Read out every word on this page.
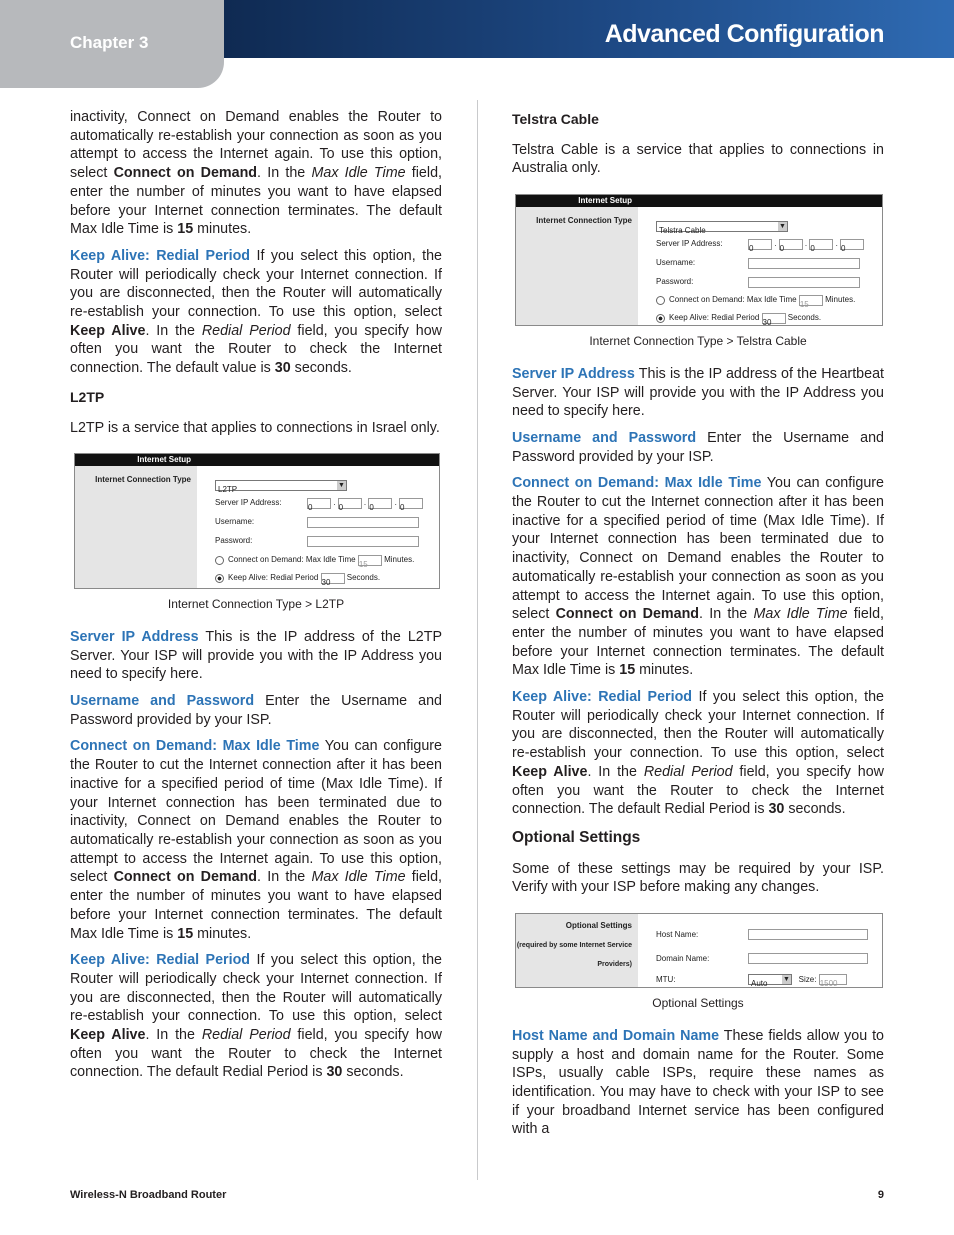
Chapter 3	Advanced Configuration

inactivity, Connect on Demand enables the Router to automatically re-establish your connection as soon as you attempt to access the Internet again. To use this option, select Connect on Demand. In the Max Idle Time field, enter the number of minutes you want to have elapsed before your Internet connection terminates. The default Max Idle Time is 15 minutes.

Keep Alive: Redial Period If you select this option, the Router will periodically check your Internet connection. If you are disconnected, then the Router will automatically re-establish your connection. To use this option, select Keep Alive. In the Redial Period field, you specify how often you want the Router to check the Internet connection. The default value is 30 seconds.

L2TP

L2TP is a service that applies to connections in Israel only.

Internet Setup
Internet Connection Type
L2TP	▼
Server IP Address:	0 . 0 . 0 . 0
Username:
Password:
Connect on Demand: Max Idle Time 15 Minutes.
Keep Alive: Redial Period 30 Seconds.
Internet Connection Type > L2TP

Server IP Address This is the IP address of the L2TP Server. Your ISP will provide you with the IP Address you need to specify here.

Username and Password Enter the Username and Password provided by your ISP.

Connect on Demand: Max Idle Time You can configure the Router to cut the Internet connection after it has been inactive for a specified period of time (Max Idle Time). If your Internet connection has been terminated due to inactivity, Connect on Demand enables the Router to automatically re-establish your connection as soon as you attempt to access the Internet again. To use this option, select Connect on Demand. In the Max Idle Time field, enter the number of minutes you want to have elapsed before your Internet connection terminates. The default Max Idle Time is 15 minutes.

Keep Alive: Redial Period If you select this option, the Router will periodically check your Internet connection. If you are disconnected, then the Router will automatically re-establish your connection. To use this option, select Keep Alive. In the Redial Period field, you specify how often you want the Router to check the Internet connection. The default Redial Period is 30 seconds.

Telstra Cable

Telstra Cable is a service that applies to connections in Australia only.

Internet Setup
Internet Connection Type
Telstra Cable	▼
Server IP Address:	0 . 0 . 0 . 0
Username:
Password:
Connect on Demand: Max Idle Time 15 Minutes.
Keep Alive: Redial Period 30 Seconds.
Internet Connection Type > Telstra Cable

Server IP Address This is the IP address of the Heartbeat Server. Your ISP will provide you with the IP Address you need to specify here.

Username and Password Enter the Username and Password provided by your ISP.

Connect on Demand: Max Idle Time You can configure the Router to cut the Internet connection after it has been inactive for a specified period of time (Max Idle Time). If your Internet connection has been terminated due to inactivity, Connect on Demand enables the Router to automatically re-establish your connection as soon as you attempt to access the Internet again. To use this option, select Connect on Demand. In the Max Idle Time field, enter the number of minutes you want to have elapsed before your Internet connection terminates. The default Max Idle Time is 15 minutes.

Keep Alive: Redial Period If you select this option, the Router will periodically check your Internet connection. If you are disconnected, then the Router will automatically re-establish your connection. To use this option, select Keep Alive. In the Redial Period field, you specify how often you want the Router to check the Internet connection. The default Redial Period is 30 seconds.

Optional Settings

Some of these settings may be required by your ISP. Verify with your ISP before making any changes.

Optional Settings
(required by some Internet Service Providers)
Host Name:
Domain Name:
MTU:	Auto ▼ Size: 1500
Optional Settings

Host Name and Domain Name These fields allow you to supply a host and domain name for the Router. Some ISPs, usually cable ISPs, require these names as identification. You may have to check with your ISP to see if your broadband Internet service has been configured with a

Wireless-N Broadband Router	9
